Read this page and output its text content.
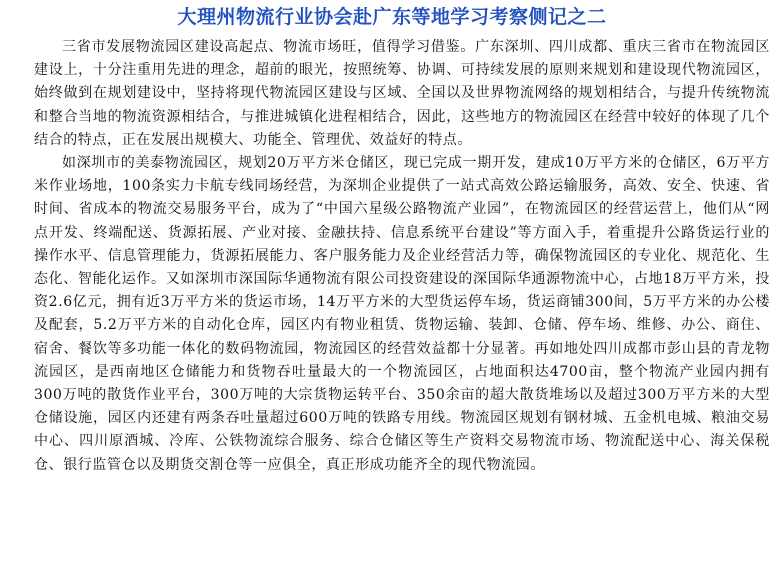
大理州物流行业协会赴广东等地学习考察侧记之二

三省市发展物流园区建设高起点、物流市场旺，值得学习借鉴。广东深圳、四川成都、重庆三省市在物流园区建设上，十分注重用先进的理念，超前的眼光，按照统筹、协调、可持续发展的原则来规划和建设现代物流园区，始终做到在规划建设中，坚持将现代物流园区建设与区域、全国以及世界物流网络的规划相结合，与提升传统物流和整合当地的物流资源相结合，与推进城镇化进程相结合，因此，这些地方的物流园区在经营中较好的体现了几个结合的特点，正在发展出规模大、功能全、管理优、效益好的特点。

如深圳市的美泰物流园区，规划20万平方米仓储区，现已完成一期开发，建成10万平方米的仓储区，6万平方米作业场地，100条实力卡航专线同场经营，为深圳企业提供了一站式高效公路运输服务，高效、安全、快速、省时间、省成本的物流交易服务平台，成为了“中国六星级公路物流产业园”，在物流园区的经营运营上，他们从“网点开发、终端配送、货源拓展、产业对接、金融扶持、信息系统平台建设”等方面入手，着重提升公路货运行业的操作水平、信息管理能力，货源拓展能力、客户服务能力及企业经营活力等，确保物流园区的专业化、规范化、生态化、智能化运作。又如深圳市深国际华通物流有限公司投资建设的深国际华通源物流中心，占地18万平方米，投资2.6亿元，拥有近3万平方米的货运市场，14万平方米的大型货运停车场，货运商铺300间，5万平方米的办公楼及配套，5.2万平方米的自动化仓库，园区内有物业租赁、货物运输、装卸、仓储、停车场、维修、办公、商住、宿舍、餐饮等多功能一体化的数码物流园，物流园区的经营效益都十分显著。再如地处四川成都市彭山县的青龙物流园区，是西南地区仓储能力和货物吞吐量最大的一个物流园区，占地面积达4700亩，整个物流产业园内拥有300万吨的散货作业平台，300万吨的大宗货物运转平台、350余亩的超大散货堆场以及超过300万平方米的大型仓储设施，园区内还建有两条吞吐量超过600万吨的铁路专用线。物流园区规划有钢材城、五金机电城、粮油交易中心、四川原酒城、冷库、公铁物流综合服务、综合仓储区等生产资料交易物流市场、物流配送中心、海关保税仓、银行监管仓以及期货交割仓等一应俱全，真正形成功能齐全的现代物流园。
